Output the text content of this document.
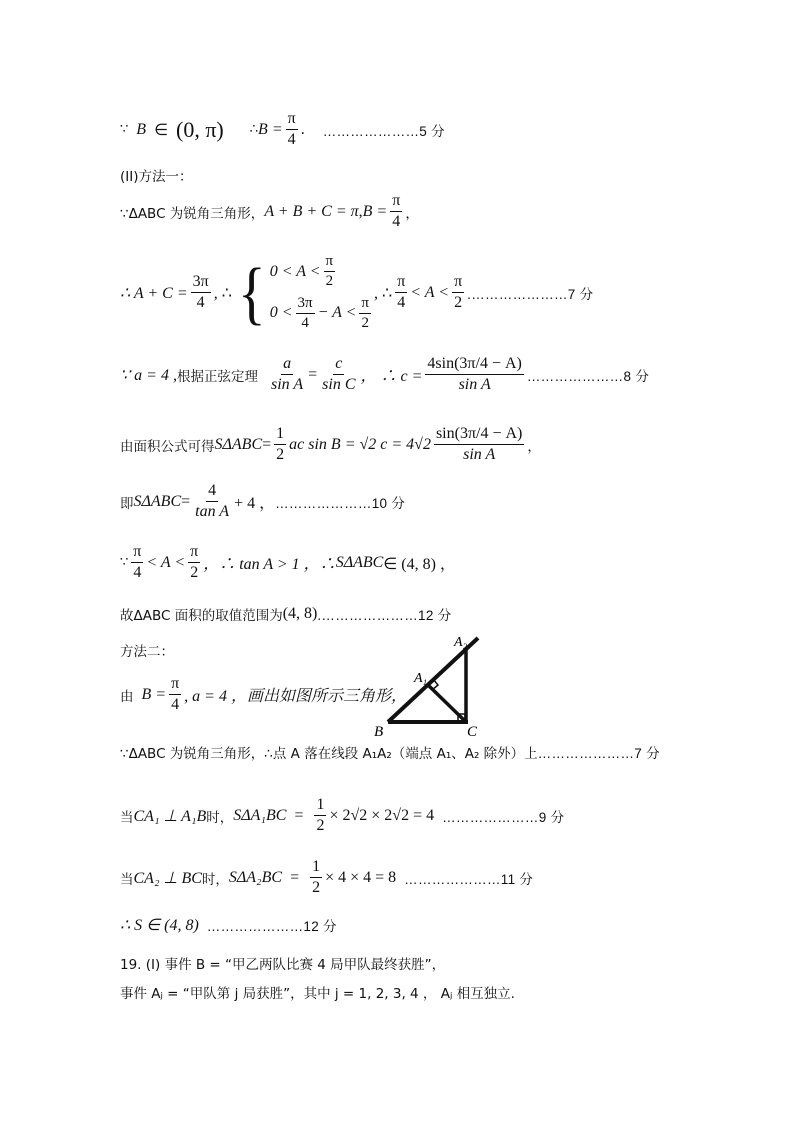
∵ B ∈ (0, π) ∴ $B = \frac{\pi}{4}$ . …………………5 分
(II)方法一：
∵ΔABC 为锐角三角形， A + B + C = π , $B = \frac{\pi}{4}$ ，
∴ $A + C = \frac{3\pi}{4}$ , ∴ { $0 < A < \frac{\pi}{2}$
$0 < \frac{3\pi}{4} - A < \frac{\pi}{2}$
, ∴ $\frac{\pi}{4} < A < \frac{\pi}{2}$ .…………………7 分
∵ a = 4 , 根据正弦定理 $\frac{a}{\text{sin A}} = \frac{c}{\text{sin C}}$ ， ∴ $c = \frac{4\sin(3\pi/4 - A)}{\text{sin A}}$ …………………8 分
由面积公式可得 S $\Delta ABC = \frac{1}{2}$ ac sin B = √2 $c = 4√2 \frac{\sin(3\pi/4 - A)}{\text{sin A}}$ ，
即 S $\Delta ABC = \frac{4}{\text{tan A}} + 4$ ， …………………10 分
∵ $\frac{\pi}{4} < A < \frac{\pi}{2}$ ，∴ tan A > 1 ，∴ S ΔABC ∈ (4, 8) ，
故ΔABC 面积的取值范围为 (4, 8) .…………………12 分
方法二：
由 $B = \frac{\pi}{4}$ , a = 4 ，画出如图所示三角形，
B	C
A 1
A 2
∵ΔABC 为锐角三角形，∴点 A 落在线段 A₁A₂（端点 A₁、A₂ 除外）上 …………………7 分
当 CA₁ ⊥ A₁B 时， S $\Delta A_1BC = \frac{1}{2} \times 2√2 \times 2√2 = 4$ …………………9 分
当 CA₂ ⊥ BC 时， S $\Delta A_2BC = \frac{1}{2} \times 4 \times 4 = 8$ …………………11 分
∴ S ∈ (4, 8) …………………12 分
19. (I) 事件 B = “甲乙两队比赛 4 局甲队最终获胜”，
事件 Aⱼ = “甲队第 j 局获胜”，其中 j = 1, 2, 3, 4 ， Aⱼ 相互独立.
